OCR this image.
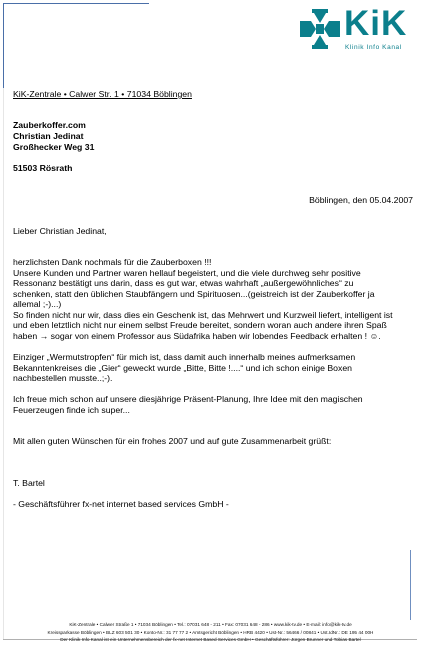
KiK
Klinik Info Kanal
KiK-Zentrale • Calwer Str. 1 • 71034 Böblingen
Zauberkoffer.com
Christian Jedinat
Großhecker Weg 31
51503 Rösrath
Böblingen, den 05.04.2007
Lieber Christian Jedinat,
herzlichsten Dank nochmals für die Zauberboxen !!!
Unsere Kunden und Partner waren hellauf begeistert, und die viele durchweg sehr positive
Ressonanz bestätigt uns darin, dass es gut war, etwas wahrhaft „außergewöhnliches“ zu
schenken, statt den üblichen Staubfängern und Spirituosen...(geistreich ist der Zauberkoffer ja
allemal ;-)...)
So finden nicht nur wir, dass dies ein Geschenk ist, das Mehrwert und Kurzweil liefert, intelligent ist
und eben letztlich nicht nur einem selbst Freude bereitet, sondern woran auch andere ihren Spaß
haben → sogar von einem Professor aus Südafrika haben wir lobendes Feedback erhalten ! ☺.
Einziger „Wermutstropfen“ für mich ist, dass damit auch innerhalb meines aufmerksamen
Bekanntenkreises die „Gier“ geweckt wurde „Bitte, Bitte !....“ und ich schon einige Boxen
nachbestellen musste..;-).
Ich freue mich schon auf unsere diesjährige Präsent-Planung, Ihre Idee mit den magischen
Feuerzeugen finde ich super...
Mit allen guten Wünschen für ein frohes 2007 und auf gute Zusammenarbeit grüßt:
T. Bartel
- Geschäftsführer fx-net internet based services GmbH -
KiK-Zentrale • Calwer Straße 1 • 71034 Böblingen • Tel.: 07031 648 - 211 • Fax: 07031 648 - 286 • www.kik-tv.de • E-mail: info@kik-tv.de
Kreissparkasse Böblingen • BLZ 603 501 30 • Konto-Nr.: 31 77 77 2 • Amtsgericht Böblingen • HRB 4420 • Ust-Nr.: 56466 / 00841 • Ust.IdNr.: DE 195 44 00H
Der Klinik Info Kanal ist ein Unternehmensbereich der fx-net Internet Based Services GmbH • Geschäftsführer: Jürgen Brunner und Tobias Bartel
